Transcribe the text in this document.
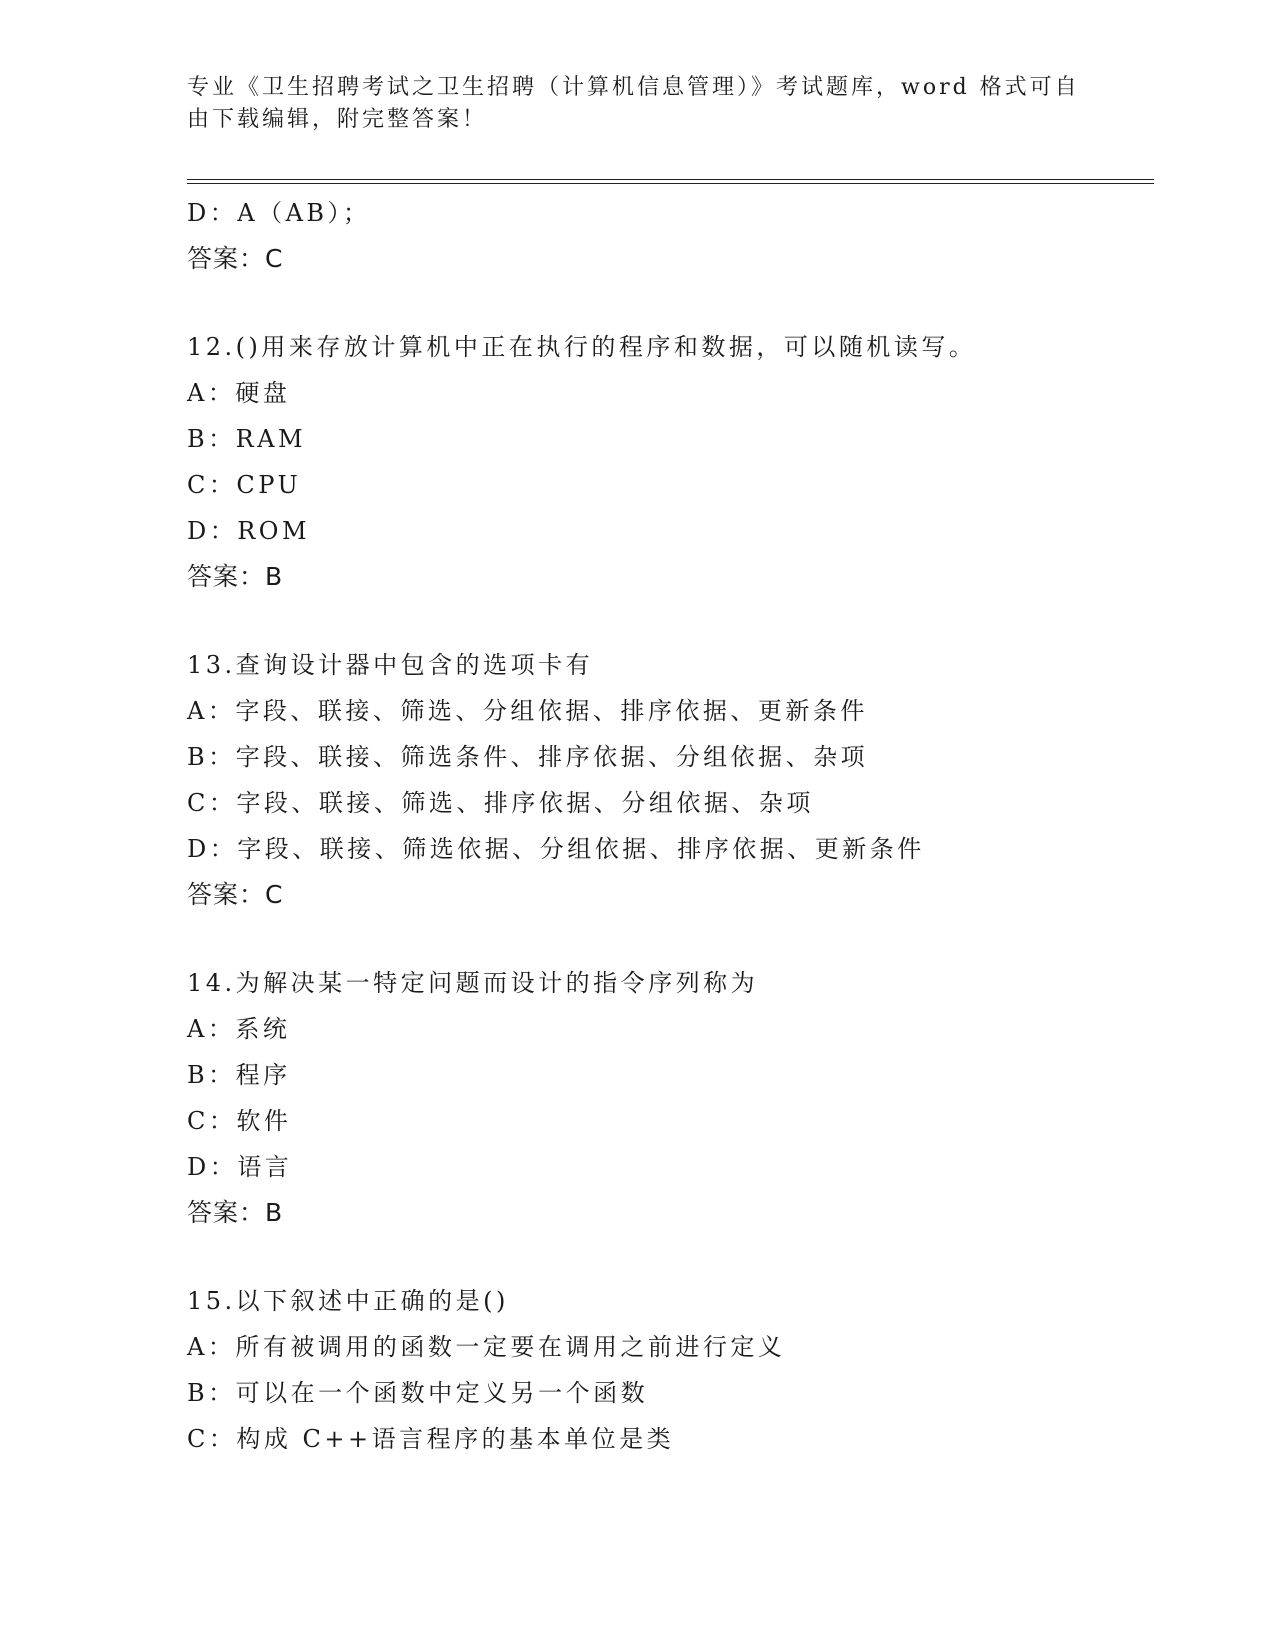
专业《卫生招聘考试之卫生招聘（计算机信息管理）》考试题库，word 格式可自
由下载编辑，附完整答案！
D：A（AB）；
答案：C
12.()用来存放计算机中正在执行的程序和数据，可以随机读写。
A：硬盘
B：RAM
C：CPU
D：ROM
答案：B
13.查询设计器中包含的选项卡有
A：字段、联接、筛选、分组依据、排序依据、更新条件
B：字段、联接、筛选条件、排序依据、分组依据、杂项
C：字段、联接、筛选、排序依据、分组依据、杂项
D：字段、联接、筛选依据、分组依据、排序依据、更新条件
答案：C
14.为解决某一特定问题而设计的指令序列称为
A：系统
B：程序
C：软件
D：语言
答案：B
15.以下叙述中正确的是()
A：所有被调用的函数一定要在调用之前进行定义
B：可以在一个函数中定义另一个函数
C：构成 C++语言程序的基本单位是类
